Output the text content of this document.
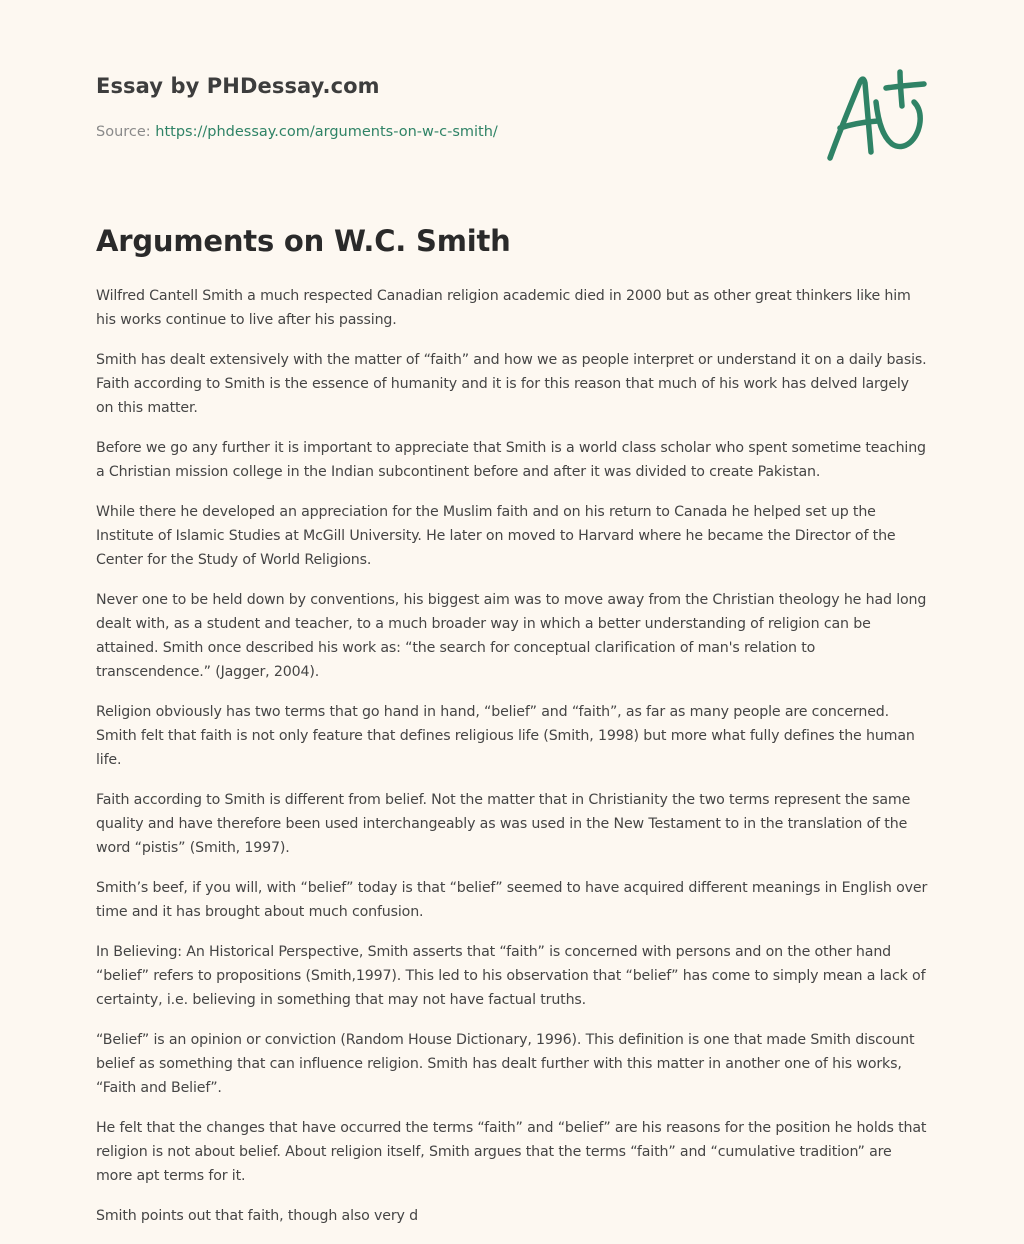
Essay by PHDessay.com
Source: https://phdessay.com/arguments-on-w-c-smith/
Arguments on W.C. Smith

Wilfred Cantell Smith a much respected Canadian religion academic died in 2000 but as other great thinkers like him his works continue to live after his passing.

Smith has dealt extensively with the matter of “faith” and how we as people interpret or understand it on a daily basis. Faith according to Smith is the essence of humanity and it is for this reason that much of his work has delved largely on this matter.

Before we go any further it is important to appreciate that Smith is a world class scholar who spent sometime teaching a Christian mission college in the Indian subcontinent before and after it was divided to create Pakistan.

While there he developed an appreciation for the Muslim faith and on his return to Canada he helped set up the Institute of Islamic Studies at McGill University. He later on moved to Harvard where he became the Director of the Center for the Study of World Religions.

Never one to be held down by conventions, his biggest aim was to move away from the Christian theology he had long dealt with, as a student and teacher, to a much broader way in which a better understanding of religion can be attained. Smith once described his work as: “the search for conceptual clarification of man's relation to transcendence.” (Jagger, 2004).

Religion obviously has two terms that go hand in hand, “belief” and “faith”, as far as many people are concerned. Smith felt that faith is not only feature that defines religious life (Smith, 1998) but more what fully defines the human life.

Faith according to Smith is different from belief. Not the matter that in Christianity the two terms represent the same quality and have therefore been used interchangeably as was used in the New Testament to in the translation of the word “pistis” (Smith, 1997).

Smith’s beef, if you will, with “belief” today is that “belief” seemed to have acquired different meanings in English over time and it has brought about much confusion.

In Believing: An Historical Perspective, Smith asserts that “faith” is concerned with persons and on the other hand “belief” refers to propositions (Smith,1997). This led to his observation that “belief” has come to simply mean a lack of certainty, i.e. believing in something that may not have factual truths.

“Belief” is an opinion or conviction (Random House Dictionary, 1996). This definition is one that made Smith discount belief as something that can influence religion. Smith has dealt further with this matter in another one of his works, “Faith and Belief”.

He felt that the changes that have occurred the terms “faith” and “belief” are his reasons for the position he holds that religion is not about belief. About religion itself, Smith argues that the terms “faith” and “cumulative tradition” are more apt terms for it.

Smith points out that faith, though also very d
